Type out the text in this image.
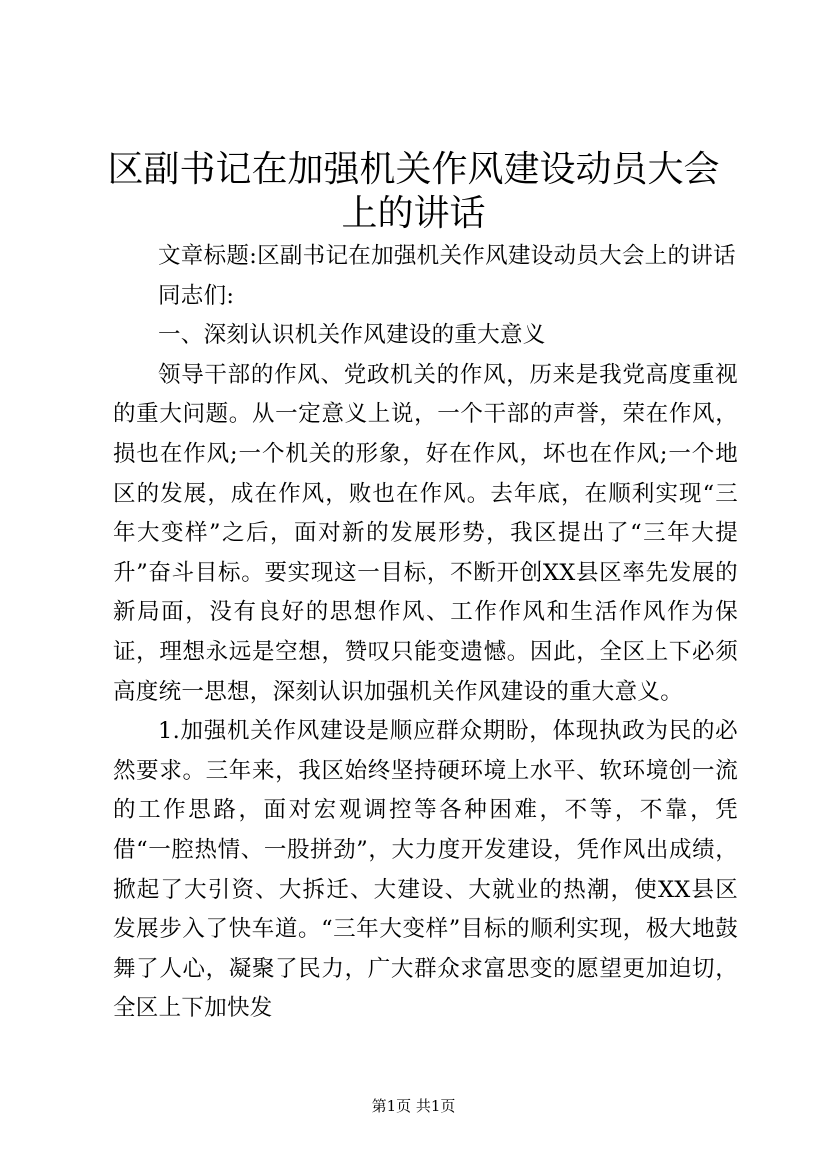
区副书记在加强机关作风建设动员大会上的讲话

文章标题:区副书记在加强机关作风建设动员大会上的讲话

同志们:

一、深刻认识机关作风建设的重大意义

领导干部的作风、党政机关的作风，历来是我党高度重视的重大问题。从一定意义上说，一个干部的声誉，荣在作风，损也在作风;一个机关的形象，好在作风，坏也在作风;一个地区的发展，成在作风，败也在作风。去年底，在顺利实现“三年大变样”之后，面对新的发展形势，我区提出了“三年大提升”奋斗目标。要实现这一目标，不断开创XX县区率先发展的新局面，没有良好的思想作风、工作作风和生活作风作为保证，理想永远是空想，赞叹只能变遗憾。因此，全区上下必须高度统一思想，深刻认识加强机关作风建设的重大意义。

1.加强机关作风建设是顺应群众期盼，体现执政为民的必然要求。三年来，我区始终坚持硬环境上水平、软环境创一流的工作思路，面对宏观调控等各种困难，不等，不靠，凭借“一腔热情、一股拼劲”，大力度开发建设，凭作风出成绩，掀起了大引资、大拆迁、大建设、大就业的热潮，使XX县区发展步入了快车道。“三年大变样”目标的顺利实现，极大地鼓舞了人心，凝聚了民力，广大群众求富思变的愿望更加迫切，全区上下加快发

第1页 共1页
